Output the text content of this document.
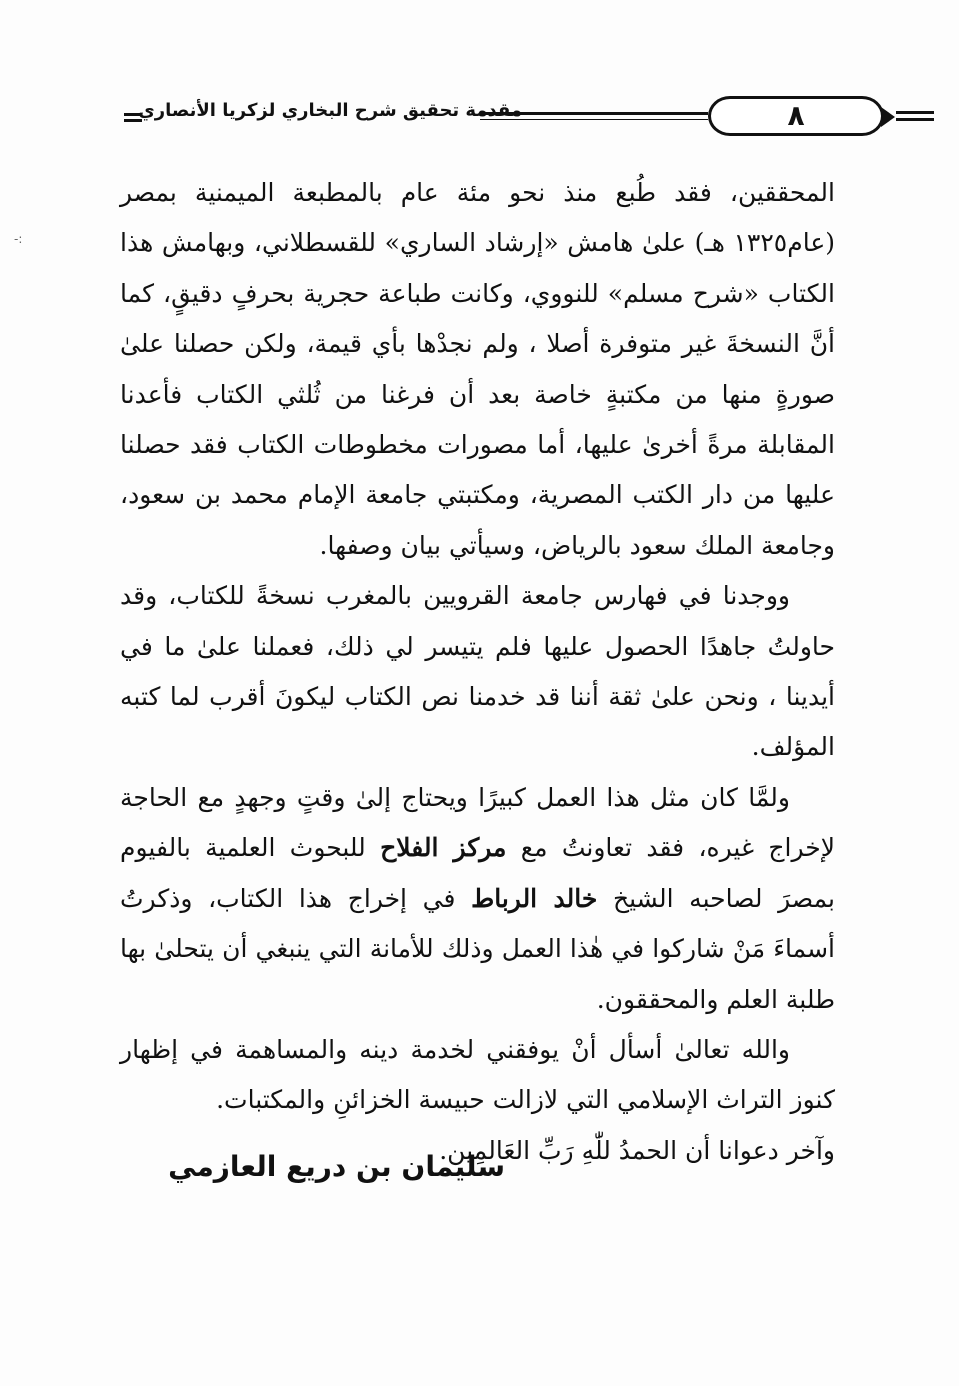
مقدمة تحقيق شرح البخاري لزكريا الأنصاري	٨
-:

المحققين، فقد طُبع منذ نحو مئة عام بالمطبعة الميمنية بمصر (عام١٣٢٥ هـ) علىٰ هامش «إرشاد الساري» للقسطلاني، وبهامش هذا الكتاب «شرح مسلم» للنووي، وكانت طباعة حجرية بحرفٍ دقيقٍ، كما أنَّ النسخةَ غير متوفرة أصلا ، ولم نجدْها بأي قيمة، ولكن حصلنا علىٰ صورةٍ منها من مكتبةٍ خاصة بعد أن فرغنا من ثُلثي الكتاب فأعدنا المقابلة مرةً أخرىٰ عليها، أما مصورات مخطوطات الكتاب فقد حصلنا عليها من دار الكتب المصرية، ومكتبتي جامعة الإمام محمد بن سعود، وجامعة الملك سعود بالرياض، وسيأتي بيان وصفها.

ووجدنا في فهارس جامعة القرويين بالمغرب نسخةً للكتاب، وقد حاولتُ جاهدًا الحصول عليها فلم يتيسر لي ذلك، فعملنا علىٰ ما في أيدينا ، ونحن علىٰ ثقة أننا قد خدمنا نص الكتاب ليكونَ أقرب لما كتبه المؤلف.

ولمَّا كان مثل هذا العمل كبيرًا ويحتاج إلىٰ وقتٍ وجهدٍ مع الحاجة لإخراج غيره، فقد تعاونتُ مع مركز الفلاح للبحوث العلمية بالفيوم بمصرَ لصاحبه الشيخ خالد الرباط في إخراج هذا الكتاب، وذكرتُ أسماءَ مَنْ شاركوا في هٰذا العمل وذلك للأمانة التي ينبغي أن يتحلىٰ بها طلبة العلم والمحققون.

والله تعالىٰ أسأل أنْ يوفقني لخدمة دينه والمساهمة في إظهار كنوز التراث الإسلامي التي لازالت حبيسة الخزائنِ والمكتبات.

وآخر دعوانا أن الحمدُ للّٰهِ رَبِّ العَالمِين.

سليمان بن دريع العازمي
